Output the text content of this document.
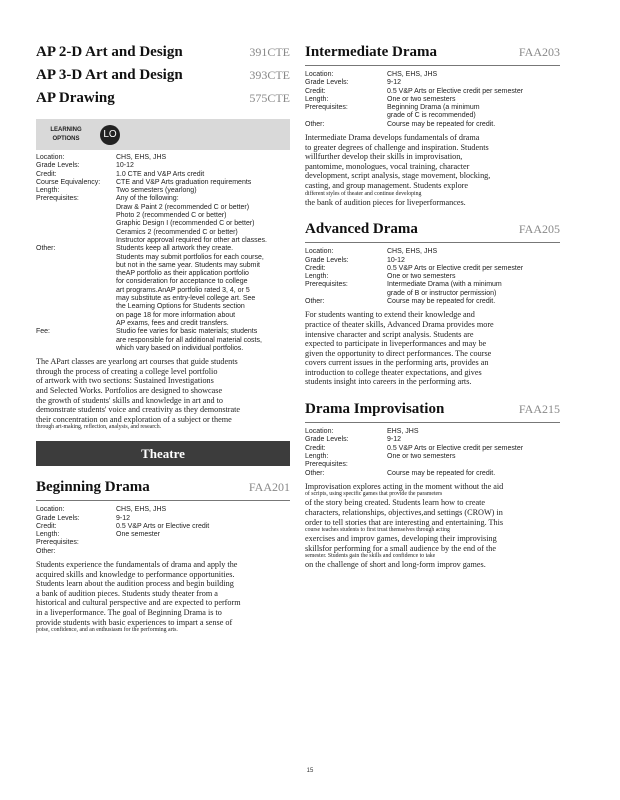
AP 2-D Art and Design	391CTE
AP 3-D Art and Design	393CTE
AP Drawing	575CTE
LEARNING
OPTIONS	LO
Location:	CHS, EHS, JHS
Grade Levels:	10-12
Credit:	1.0 CTE and V&P Arts credit
Course Equivalency:	CTE and V&P Arts graduation requirements
Length:	Two semesters (yearlong)
Prerequisites:	Any of the following:
Draw & Paint 2 (recommended C or better)
Photo 2 (recommended C or better)
Graphic Design I (recommended C or better)
Ceramics 2 (recommended C or better)
Instructor approval required for other art classes.
Other:	Students keep all artwork they create.
Students may submit portfolios for each course,
but not in the same year. Students may submit
theAP portfolio as their application portfolio
for consideration for acceptance to college
art programs.AnAP portfolio rated 3, 4, or 5
may substitute as entry-level college art. See
the Learning Options for Students section
on page 18 for more information about
AP exams, fees and credit transfers.
Fee:	Studio fee varies for basic materials; students
are responsible for all additional material costs,
which vary based on individual portfolios.
The APart classes are yearlong art courses that guide students
through the process of creating a college level portfolio
of artwork with two sections: Sustained Investigations
and Selected Works. Portfolios are designed to showcase
the growth of students' skills and knowledge in art and to
demonstrate students' voice and creativity as they demonstrate
their concentration on and exploration of a subject or theme
through art-making, reflection, analysis, and research.
Theatre
Beginning Drama	FAA201
Location:	CHS, EHS, JHS
Grade Levels:	9-12
Credit:	0.5 V&P Arts or Elective credit
Length:	One semester
Prerequisites:
Other:
Students experience the fundamentals of drama and apply the
acquired skills and knowledge to performance opportunities.
Students learn about the audition process and begin building
a bank of audition pieces. Students study theater from a
historical and cultural perspective and are expected to perform
in a liveperformance. The goal of Beginning Drama is to
provide students with basic experiences to impart a sense of
poise, confidence, and an enthusiasm for the performing arts.
Intermediate Drama	FAA203
Location:	CHS, EHS, JHS
Grade Levels:	9-12
Credit:	0.5 V&P Arts or Elective credit per semester
Length:	One or two semesters
Prerequisites:	Beginning Drama (a minimum
grade of C is recommended)
Other:	Course may be repeated for credit.
Intermediate Drama develops fundamentals of drama
to greater degrees of challenge and inspiration. Students
willfurther develop their skills in improvisation,
pantomime, monologues, vocal training, character
development, script analysis, stage movement, blocking,
casting, and group management. Students explore
different styles of theater and continue developing
the bank of audition pieces for liveperformances.
Advanced Drama	FAA205
Location:	CHS, EHS, JHS
Grade Levels:	10-12
Credit:	0.5 V&P Arts or Elective credit per semester
Length:	One or two semesters
Prerequisites:	Intermediate Drama (with a minimum
grade of B or instructor permission)
Other:	Course may be repeated for credit.
For students wanting to extend their knowledge and
practice of theater skills, Advanced Drama provides more
intensive character and script analysis. Students are
expected to participate in liveperformances and may be
given the opportunity to direct performances. The course
covers current issues in the performing arts, provides an
introduction to college theater expectations, and gives
students insight into careers in the performing arts.
Drama Improvisation	FAA215
Location:	EHS, JHS
Grade Levels:	9-12
Credit:	0.5 V&P Arts or Elective credit per semester
Length:	One or two semesters
Prerequisites:
Other:	Course may be repeated for credit.
Improvisation explores acting in the moment without the aid
of scripts, using specific games that provide the parameters
of the story being created. Students learn how to create
characters, relationships, objectives,and settings (CROW) in
order to tell stories that are interesting and entertaining. This
course teaches students to first trust themselves through acting
exercises and improv games, developing their improvising
skillsfor performing for a small audience by the end of the
semester. Students gain the skills and confidence to take
on the challenge of short and long-form improv games.
15
